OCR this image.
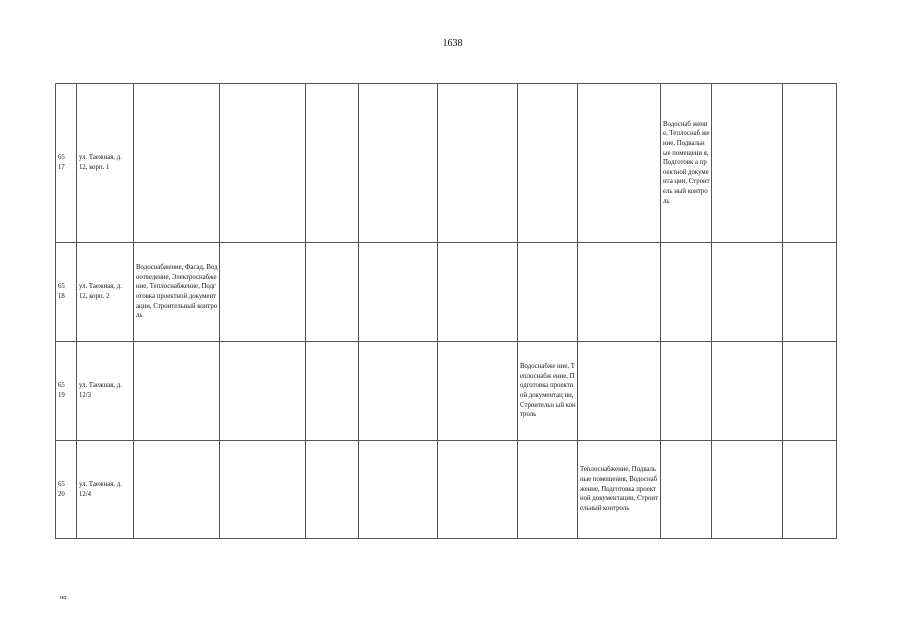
1638
65
17	ул. Таежная, д. 12, корп. 1								Водоснаб жение, Теплоснаб жение, Подвальн ые помещени я, Подготовк а проектной документа ции, Строитель ный контроль		
65
18	ул. Таежная, д. 12, корп. 2	Водоснабжение, Фасад, Водоотведение, Электроснабжение, Теплоснабжение, Подготовка проектной документации, Строительный контроль									
65
19	ул. Таежная, д. 12/3						Водоснабже ние, Теплоснабж ение, Подготовка проектной документац ии, Строительн ый контроль				
65
20	ул. Таежная, д. 12/4							Теплоснабжение, Подвальные помещения, Водоснабжение, Подготовка проектной документации, Строительный контроль			
нп
